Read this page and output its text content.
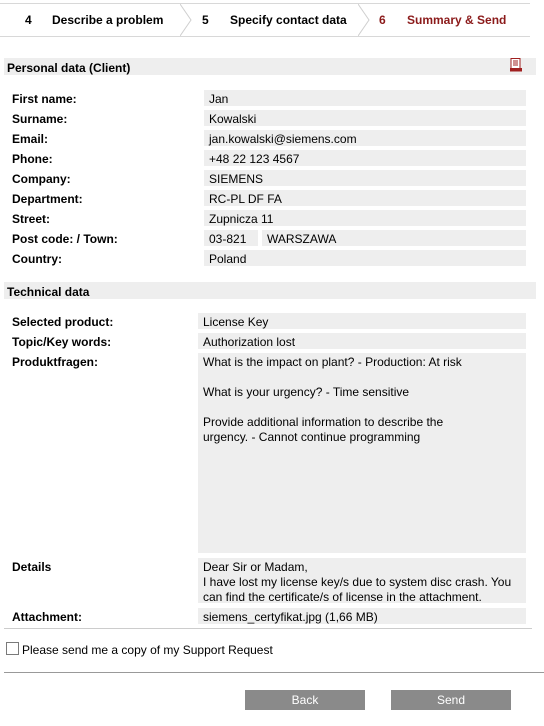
4 Describe a problem	5 Specify contact data	6 Summary & Send
Personal data (Client)
First name:	Jan
Surname:	Kowalski
Email:	jan.kowalski@siemens.com
Phone:	+48 22 123 4567
Company:	SIEMENS
Department:	RC-PL DF FA
Street:	Zupnicza 11
Post code: / Town:	03-821	WARSZAWA
Country:	Poland
Technical data
Selected product:	License Key
Topic/Key words:	Authorization lost
Produktfragen:	What is the impact on plant? - Production: At risk

What is your urgency? - Time sensitive

Provide additional information to describe the

urgency. - Cannot continue programming

Details	Dear Sir or Madam,

I have lost my license key/s due to system disc crash. You

can find the certificate/s of license in the attachment.

Attachment:	siemens_certyfikat.jpg (1,66 MB)
Please send me a copy of my Support Request
Back	Send
